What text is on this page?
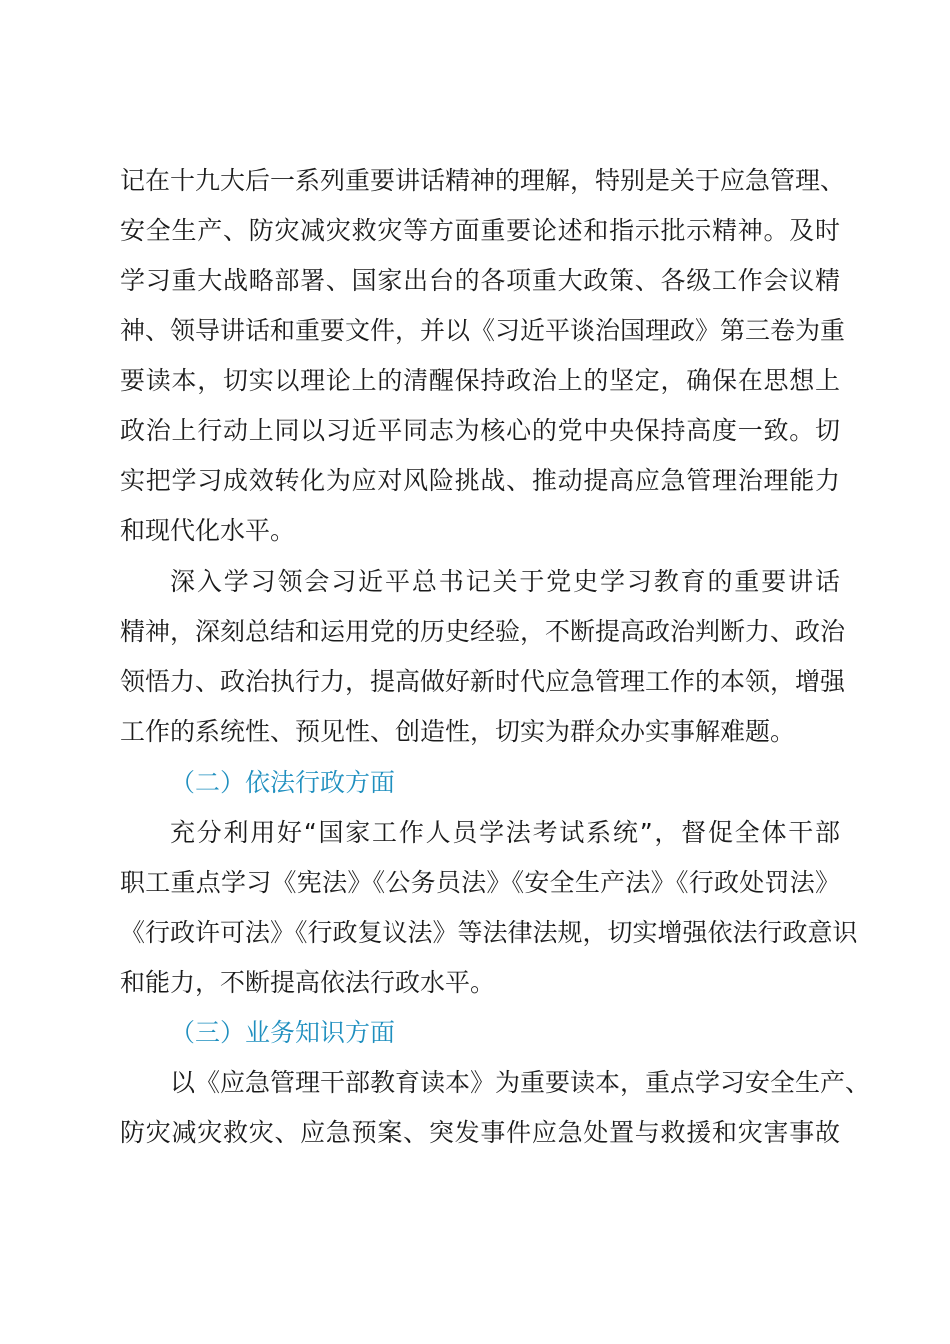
记在十九大后一系列重要讲话精神的理解，特别是关于应急管理、
安全生产、防灾减灾救灾等方面重要论述和指示批示精神。及时
学习重大战略部署、国家出台的各项重大政策、各级工作会议精
神、领导讲话和重要文件，并以《习近平谈治国理政》第三卷为重
要读本，切实以理论上的清醒保持政治上的坚定，确保在思想上
政治上行动上同以习近平同志为核心的党中央保持高度一致。切
实把学习成效转化为应对风险挑战、推动提高应急管理治理能力
和现代化水平。
深入学习领会习近平总书记关于党史学习教育的重要讲话
精神，深刻总结和运用党的历史经验，不断提高政治判断力、政治
领悟力、政治执行力，提高做好新时代应急管理工作的本领，增强
工作的系统性、预见性、创造性，切实为群众办实事解难题。
（二）依法行政方面
充分利用好“国家工作人员学法考试系统”，督促全体干部
职工重点学习《宪法》《公务员法》《安全生产法》《行政处罚法》
《行政许可法》《行政复议法》等法律法规，切实增强依法行政意识
和能力，不断提高依法行政水平。
（三）业务知识方面
以《应急管理干部教育读本》为重要读本，重点学习安全生产、
防灾减灾救灾、应急预案、突发事件应急处置与救援和灾害事故
